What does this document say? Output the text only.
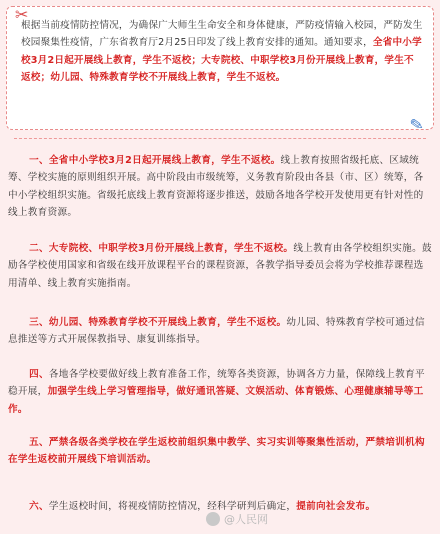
✂

根据当前疫情防控情况，为确保广大师生生命安全和身体健康，严防疫情输入校园，严防发生校园聚集性疫情，广东省教育厅2月25日印发了线上教育安排的通知。通知要求，全省中小学校3月2日起开展线上教育，学生不返校；大专院校、中职学校3月份开展线上教育，学生不返校；幼儿园、特殊教育学校不开展线上教育，学生不返校。

✎

一、全省中小学校3月2日起开展线上教育，学生不返校。线上教育按照省级托底、区域统筹、学校实施的原则组织开展。高中阶段由市级统筹，义务教育阶段由各县（市、区）统筹，各中小学校组织实施。省级托底线上教育资源将逐步推送，鼓励各地各学校开发使用更有针对性的线上教育资源。

二、大专院校、中职学校3月份开展线上教育，学生不返校。线上教育由各学校组织实施。鼓励各学校使用国家和省级在线开放课程平台的课程资源，各教学指导委员会将为学校推荐课程选用清单、线上教育实施指南。

三、幼儿园、特殊教育学校不开展线上教育，学生不返校。幼儿园、特殊教育学校可通过信息推送等方式开展保教指导、康复训练指导。

四、各地各学校要做好线上教育准备工作，统筹各类资源，协调各方力量，保障线上教育平稳开展，加强学生线上学习管理指导，做好通讯答疑、文娱活动、体育锻炼、心理健康辅导等工作。

五、严禁各级各类学校在学生返校前组织集中教学、实习实训等聚集性活动，严禁培训机构在学生返校前开展线下培训活动。

六、学生返校时间，将视疫情防控情况，经科学研判后确定，提前向社会发布。

@人民网
